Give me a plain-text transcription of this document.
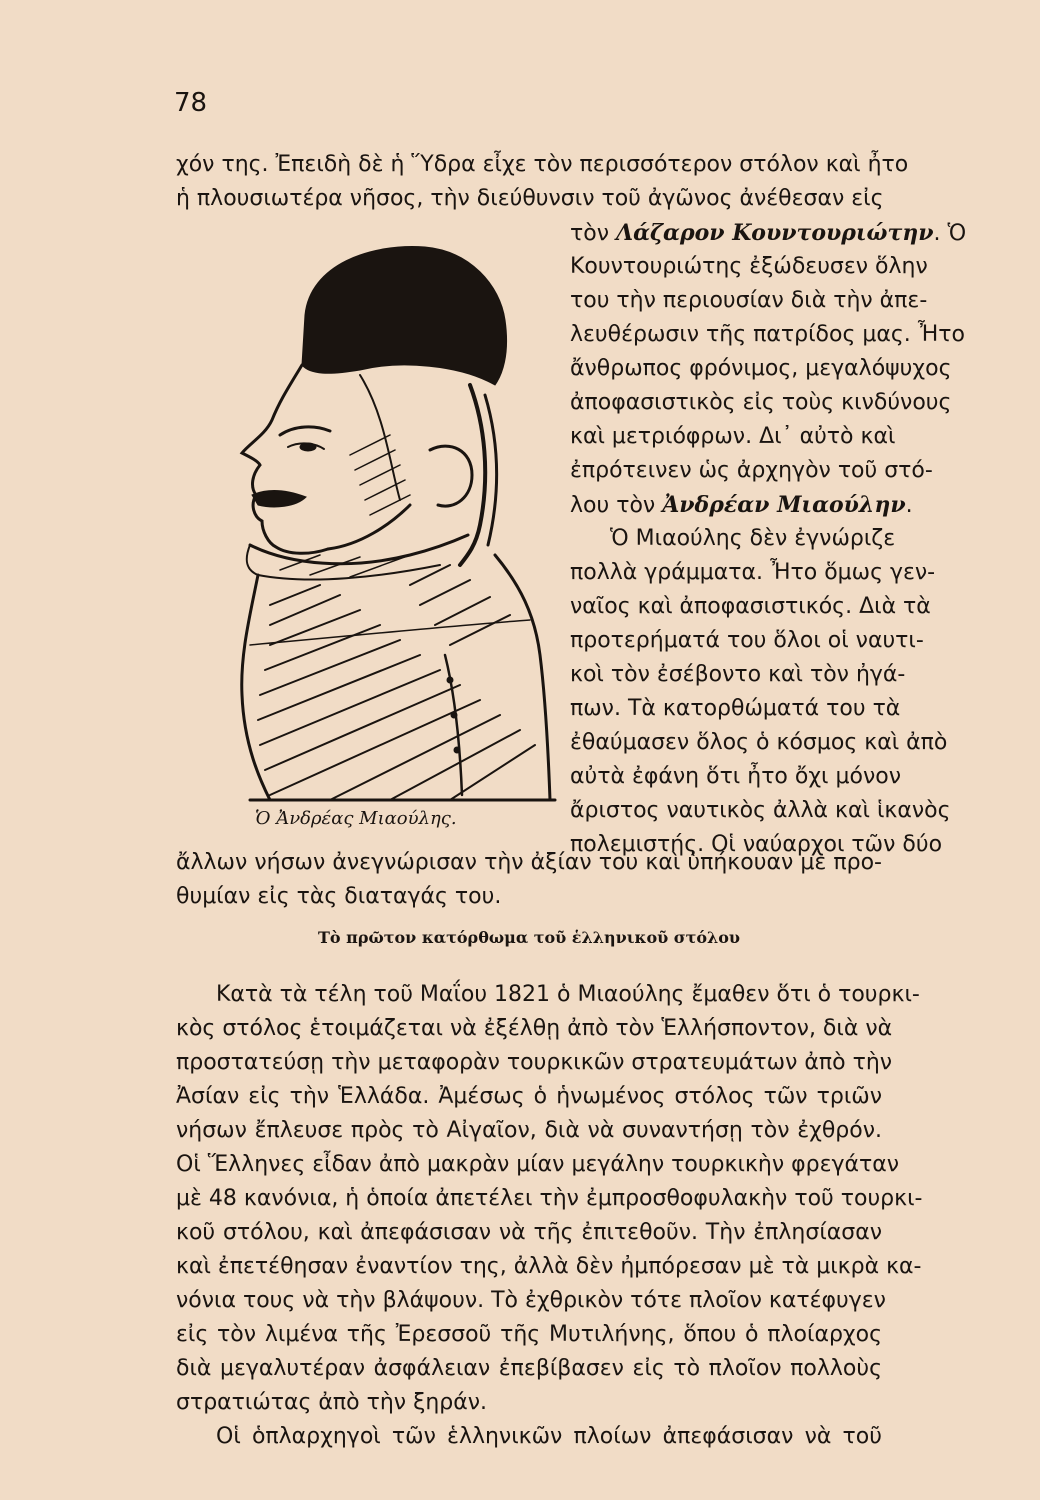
78
χόν της. Ἐπειδὴ δὲ ἡ Ὕδρα εἶχε τὸν περισσότερον στόλον καὶ ἦτο
ἡ πλουσιωτέρα νῆσος, τὴν διεύθυνσιν τοῦ ἀγῶνος ἀνέθεσαν εἰς
τὸν Λάζαρον Κουντουριώτην. Ὁ
Κουντουριώτης ἐξώδευσεν ὅλην
του τὴν περιουσίαν διὰ τὴν ἀπε-
λευθέρωσιν τῆς πατρίδος μας. Ἦτο
ἄνθρωπος φρόνιμος, μεγαλόψυχος
ἀποφασιστικὸς εἰς τοὺς κινδύνους
καὶ μετριόφρων. Δι᾿ αὐτὸ καὶ
ἐπρότεινεν ὡς ἀρχηγὸν τοῦ στό-
λου τὸν Ἀνδρέαν Μιαούλην.
Ὁ Μιαούλης δὲν ἐγνώριζε
πολλὰ γράμματα. Ἦτο ὅμως γεν-
ναῖος καὶ ἀποφασιστικός. Διὰ τὰ
προτερήματά του ὅλοι οἱ ναυτι-
κοὶ τὸν ἐσέβοντο καὶ τὸν ἠγά-
πων. Τὰ κατορθώματά του τὰ
ἐθαύμασεν ὅλος ὁ κόσμος καὶ ἀπὸ
αὐτὰ ἐφάνη ὅτι ἦτο ὄχι μόνον
ἄριστος ναυτικὸς ἀλλὰ καὶ ἱκανὸς
πολεμιστής. Οἱ ναύαρχοι τῶν δύο
Ὁ Ἀνδρέας Μιαούλης.
ἄλλων νήσων ἀνεγνώρισαν τὴν ἀξίαν του καὶ ὑπήκουαν μὲ προ-
θυμίαν εἰς τὰς διαταγάς του.
Τὸ πρῶτον κατόρθωμα τοῦ ἑλληνικοῦ στόλου
Κατὰ τὰ τέλη τοῦ Μαΐου 1821 ὁ Μιαούλης ἔμαθεν ὅτι ὁ τουρκι-
κὸς στόλος ἑτοιμάζεται νὰ ἐξέλθῃ ἀπὸ τὸν Ἑλλήσποντον, διὰ νὰ
προστατεύσῃ τὴν μεταφορὰν τουρκικῶν στρατευμάτων ἀπὸ τὴν
Ἀσίαν εἰς τὴν Ἑλλάδα. Ἀμέσως ὁ ἡνωμένος στόλος τῶν τριῶν
νήσων ἔπλευσε πρὸς τὸ Αἰγαῖον, διὰ νὰ συναντήσῃ τὸν ἐχθρόν.
Οἱ Ἕλληνες εἶδαν ἀπὸ μακρὰν μίαν μεγάλην τουρκικὴν φρεγάταν
μὲ 48 κανόνια, ἡ ὁποία ἀπετέλει τὴν ἐμπροσθοφυλακὴν τοῦ τουρκι-
κοῦ στόλου, καὶ ἀπεφάσισαν νὰ τῆς ἐπιτεθοῦν. Τὴν ἐπλησίασαν
καὶ ἐπετέθησαν ἐναντίον της, ἀλλὰ δὲν ἠμπόρεσαν μὲ τὰ μικρὰ κα-
νόνια τους νὰ τὴν βλάψουν. Τὸ ἐχθρικὸν τότε πλοῖον κατέφυγεν
εἰς τὸν λιμένα τῆς Ἐρεσσοῦ τῆς Μυτιλήνης, ὅπου ὁ πλοίαρχος
διὰ μεγαλυτέραν ἀσφάλειαν ἐπεβίβασεν εἰς τὸ πλοῖον πολλοὺς
στρατιώτας ἀπὸ τὴν ξηράν.
Οἱ ὁπλαρχηγοὶ τῶν ἑλληνικῶν πλοίων ἀπεφάσισαν νὰ τοῦ
